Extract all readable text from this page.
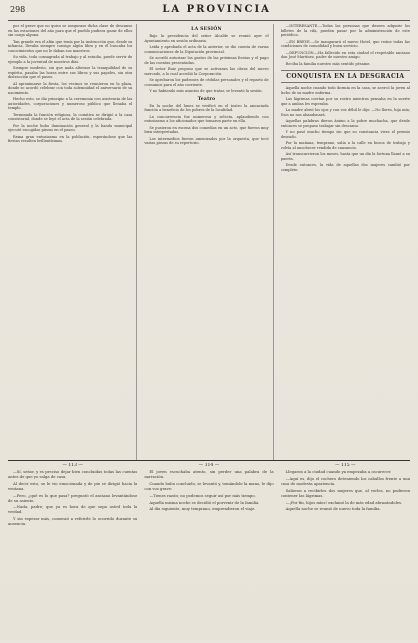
298	LA PROVINCIA

por el grave que no quiso se asegurase dicha clase de descanso en las estaciones del año para que el pueblo pudiera gozar de ellos sin carga alguna.

Tan grande era el afán que tenía por la instrucción que, desde su infancia, llevaba siempre consigo algún libro y en él buscaba los conocimientos que no le daban sus maestros.

Su vida, toda consagrada al trabajo y al estudio, puede servir de ejemplo a la juventud de nuestros días.

Siempre modesto, sin que nada alterase la tranquilidad de su espíritu, pasaba las horas entre sus libros y sus papeles, sin otra distracción que el paseo.

Al aproximarse la fiesta, los vecinos se reunieron en la plaza, donde se acordó celebrar con toda solemnidad el aniversario de su nacimiento.

Hecho esto, se dio principio a la ceremonia con asistencia de las autoridades, corporaciones y numeroso público que llenaba el templo.

Terminada la función religiosa, la comitiva se dirigió a la casa consistorial, donde se leyó el acta de la sesión celebrada.

Por la noche hubo iluminación general y la banda municipal ejecutó escogidas piezas en el paseo.

Reina gran entusiasmo en la población, esperándose que las fiestas resulten brillantísimas.

LA SESIÓN

Bajo la presidencia del señor Alcalde se reunió ayer el Ayuntamiento en sesión ordinaria.

Leída y aprobada el acta de la anterior, se dio cuenta de varias comunicaciones de la Diputación provincial.

Se acordó autorizar los gastos de las próximas fiestas y el pago de las cuentas presentadas.

El señor Ruiz propuso que se activaran las obras del nuevo mercado, a lo cual accedió la Corporación.

Se aprobaron los padrones de cédulas personales y el reparto de consumos para el año corriente.

Y no habiendo más asuntos de que tratar, se levantó la sesión.

Teatro

En la noche del lunes se verificó en el teatro la anunciada función a beneficio de los pobres de la localidad.

La concurrencia fue numerosa y selecta, aplaudiendo con entusiasmo a los aficionados que tomaron parte en ella.

Se pusieron en escena dos comedias en un acto, que fueron muy bien interpretadas.

Los intermedios fueron amenizados por la orquesta, que tocó varias piezas de su repertorio.

—INTERESANTE.—Todas las personas que deseen adquirir los billetes de la rifa, pueden pasar por la administración de este periódico.

—EN BREVE.—Se inaugurará el nuevo Hotel, que reúne todas las condiciones de comodidad y buen servicio.

—DEFUNCIÓN.—Ha fallecido en esta ciudad el respetable anciano don José Martínez, padre de nuestro amigo.

Reciba la familia nuestro más sentido pésame.

CONQUISTA EN LA DESGRACIA

Aquella noche cuando todo dormía en la casa, se acercó la joven al lecho de su madre enferma.

Las lágrimas corrían por su rostro mientras pensaba en la suerte que a ambas les esperaba.

La madre abrió los ojos y con voz débil le dijo: —No llores, hija mía; Dios no nos abandonará.

Aquellas palabras dieron ánimo a la pobre muchacha, que desde entonces se propuso trabajar sin descanso.

Y no pasó mucho tiempo sin que su constancia viera el premio deseado.

Por la mañana, temprano, salía a la calle en busca de trabajo y volvía al anochecer rendida de cansancio.

Así transcurrieron los meses, hasta que un día la fortuna llamó a su puerta.

Desde entonces, la vida de aquellas dos mujeres cambió por completo.

— 113 —

—Sí, señor, y es preciso dejar bien concluidas todas las cuentas antes de que yo salga de casa.

Al decir esto, se le vio emocionada y de pie se dirigió hacia la ventana.

—Pero, ¿qué es lo que pasa? preguntó el anciano levantándose de su asiento.

—Nada, padre; que ya es hora de que sepa usted toda la verdad.

Y sin esperar más, comenzó a referirle lo ocurrido durante su ausencia.

— 114 —

El joven escuchaba atento, sin perder una palabra de la narración.

Cuando hubo concluido, se levantó y, tomándole la mano, le dijo con voz grave:

—Tienes razón; no podemos seguir así por más tiempo.

Aquella misma noche se decidió el porvenir de la familia.

Al día siguiente, muy temprano, emprendieron el viaje.

— 115 —

Llegaron a la ciudad cuando ya empezaba a oscurecer.

—Aquí es, dijo el cochero deteniendo los caballos frente a una casa de modesta apariencia.

Salieron a recibirles dos mujeres que, al verles, no pudieron contener las lágrimas.

—¡Por fin, hijos míos! exclamó la de más edad abrazándoles.

Aquella noche se reunió de nuevo toda la familia.
